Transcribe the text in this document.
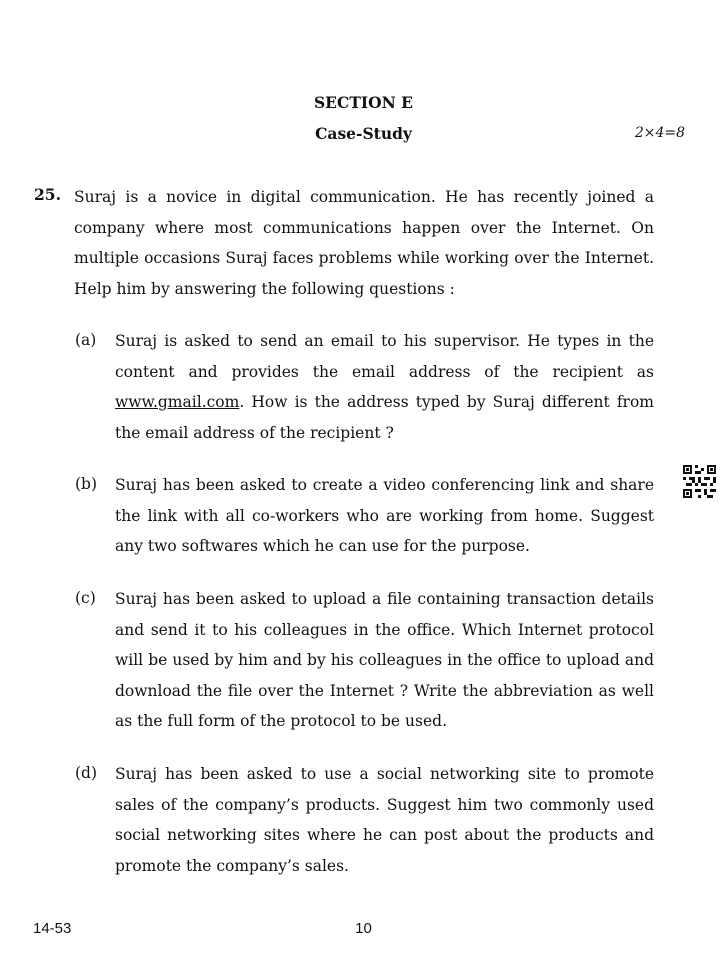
SECTION E
Case-Study	2×4=8
25. Suraj is a novice in digital communication. He has recently joined a company where most communications happen over the Internet. On multiple occasions Suraj faces problems while working over the Internet. Help him by answering the following questions :
(a) Suraj is asked to send an email to his supervisor. He types in the content and provides the email address of the recipient as www.gmail.com. How is the address typed by Suraj different from the email address of the recipient ?
(b) Suraj has been asked to create a video conferencing link and share the link with all co-workers who are working from home. Suggest any two softwares which he can use for the purpose.
(c) Suraj has been asked to upload a file containing transaction details and send it to his colleagues in the office. Which Internet protocol will be used by him and by his colleagues in the office to upload and download the file over the Internet ? Write the abbreviation as well as the full form of the protocol to be used.
(d) Suraj has been asked to use a social networking site to promote sales of the company’s products. Suggest him two commonly used social networking sites where he can post about the products and promote the company’s sales.
14-53	10
